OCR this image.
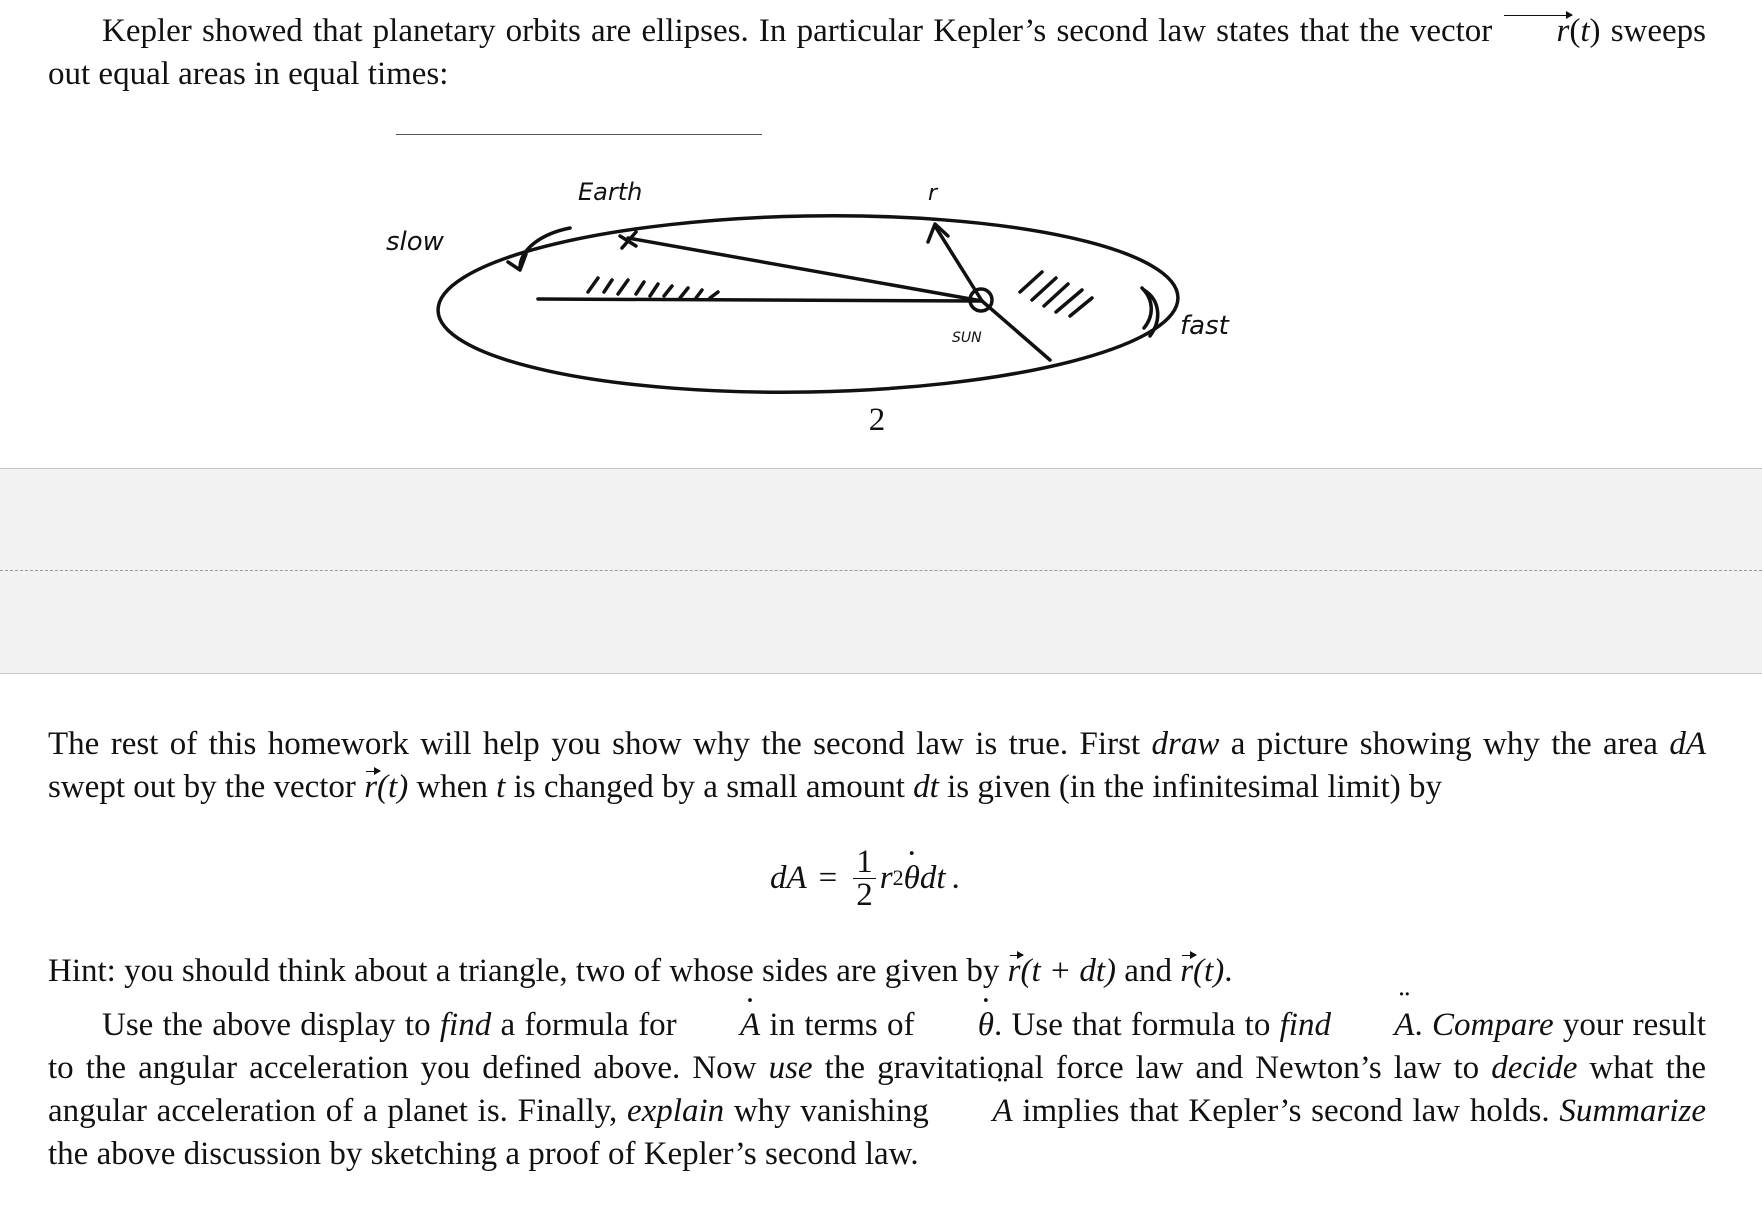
Kepler showed that planetary orbits are ellipses. In particular Kepler’s second law states that the vector r(t) sweeps out equal areas in equal times:

Earth
slow
SUN	fast
r
2

The rest of this homework will help you show why the second law is true. First draw a picture showing why the area dA swept out by the vector r(t) when t is changed by a small amount dt is given (in the infinitesimal limit) by

dA = $\frac{1}{2}$ r 2 · θ dt .

Hint: you should think about a triangle, two of whose sides are given by r(t + dt) and r(t).

Use the above display to find a formula for · A in terms of · θ. Use that formula to find ¨ A. Compare your result to the angular acceleration you defined above. Now use the gravitational force law and Newton’s law to decide what the angular acceleration of a planet is. Finally, explain why vanishing ¨ A implies that Kepler’s second law holds. Summarize the above discussion by sketching a proof of Kepler’s second law.
